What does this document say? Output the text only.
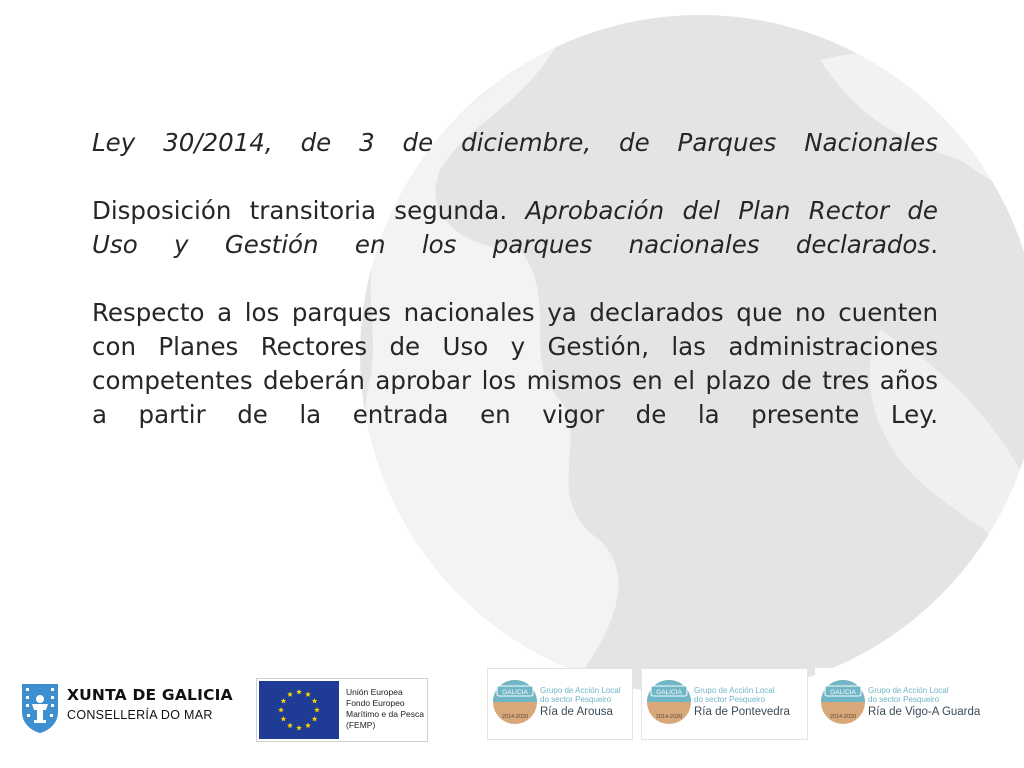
Ley 30/2014, de 3 de diciembre, de Parques Nacionales
Disposición transitoria segunda. Aprobación del Plan Rector de
Uso y Gestión en los parques nacionales declarados.
Respecto a los parques nacionales ya declarados que no cuenten
con Planes Rectores de Uso y Gestión, las administraciones
competentes deberán aprobar los mismos en el plazo de tres años
a partir de la entrada en vigor de la presente Ley.
XUNTA DE GALICIA
CONSELLERÍA DO MAR
Unión Europea
Fondo Europeo
Marítimo e da Pesca
(FEMP)
GALICIA
2014-2020
Grupo de Acción Local
do sector Pesqueiro
Ría de Arousa
GALICIA
2014-2020
Grupo de Acción Local
do sector Pesqueiro
Ría de Pontevedra
GALICIA
2014-2020
Grupo de Acción Local
do sector Pesqueiro
Ría de Vigo-A Guarda
